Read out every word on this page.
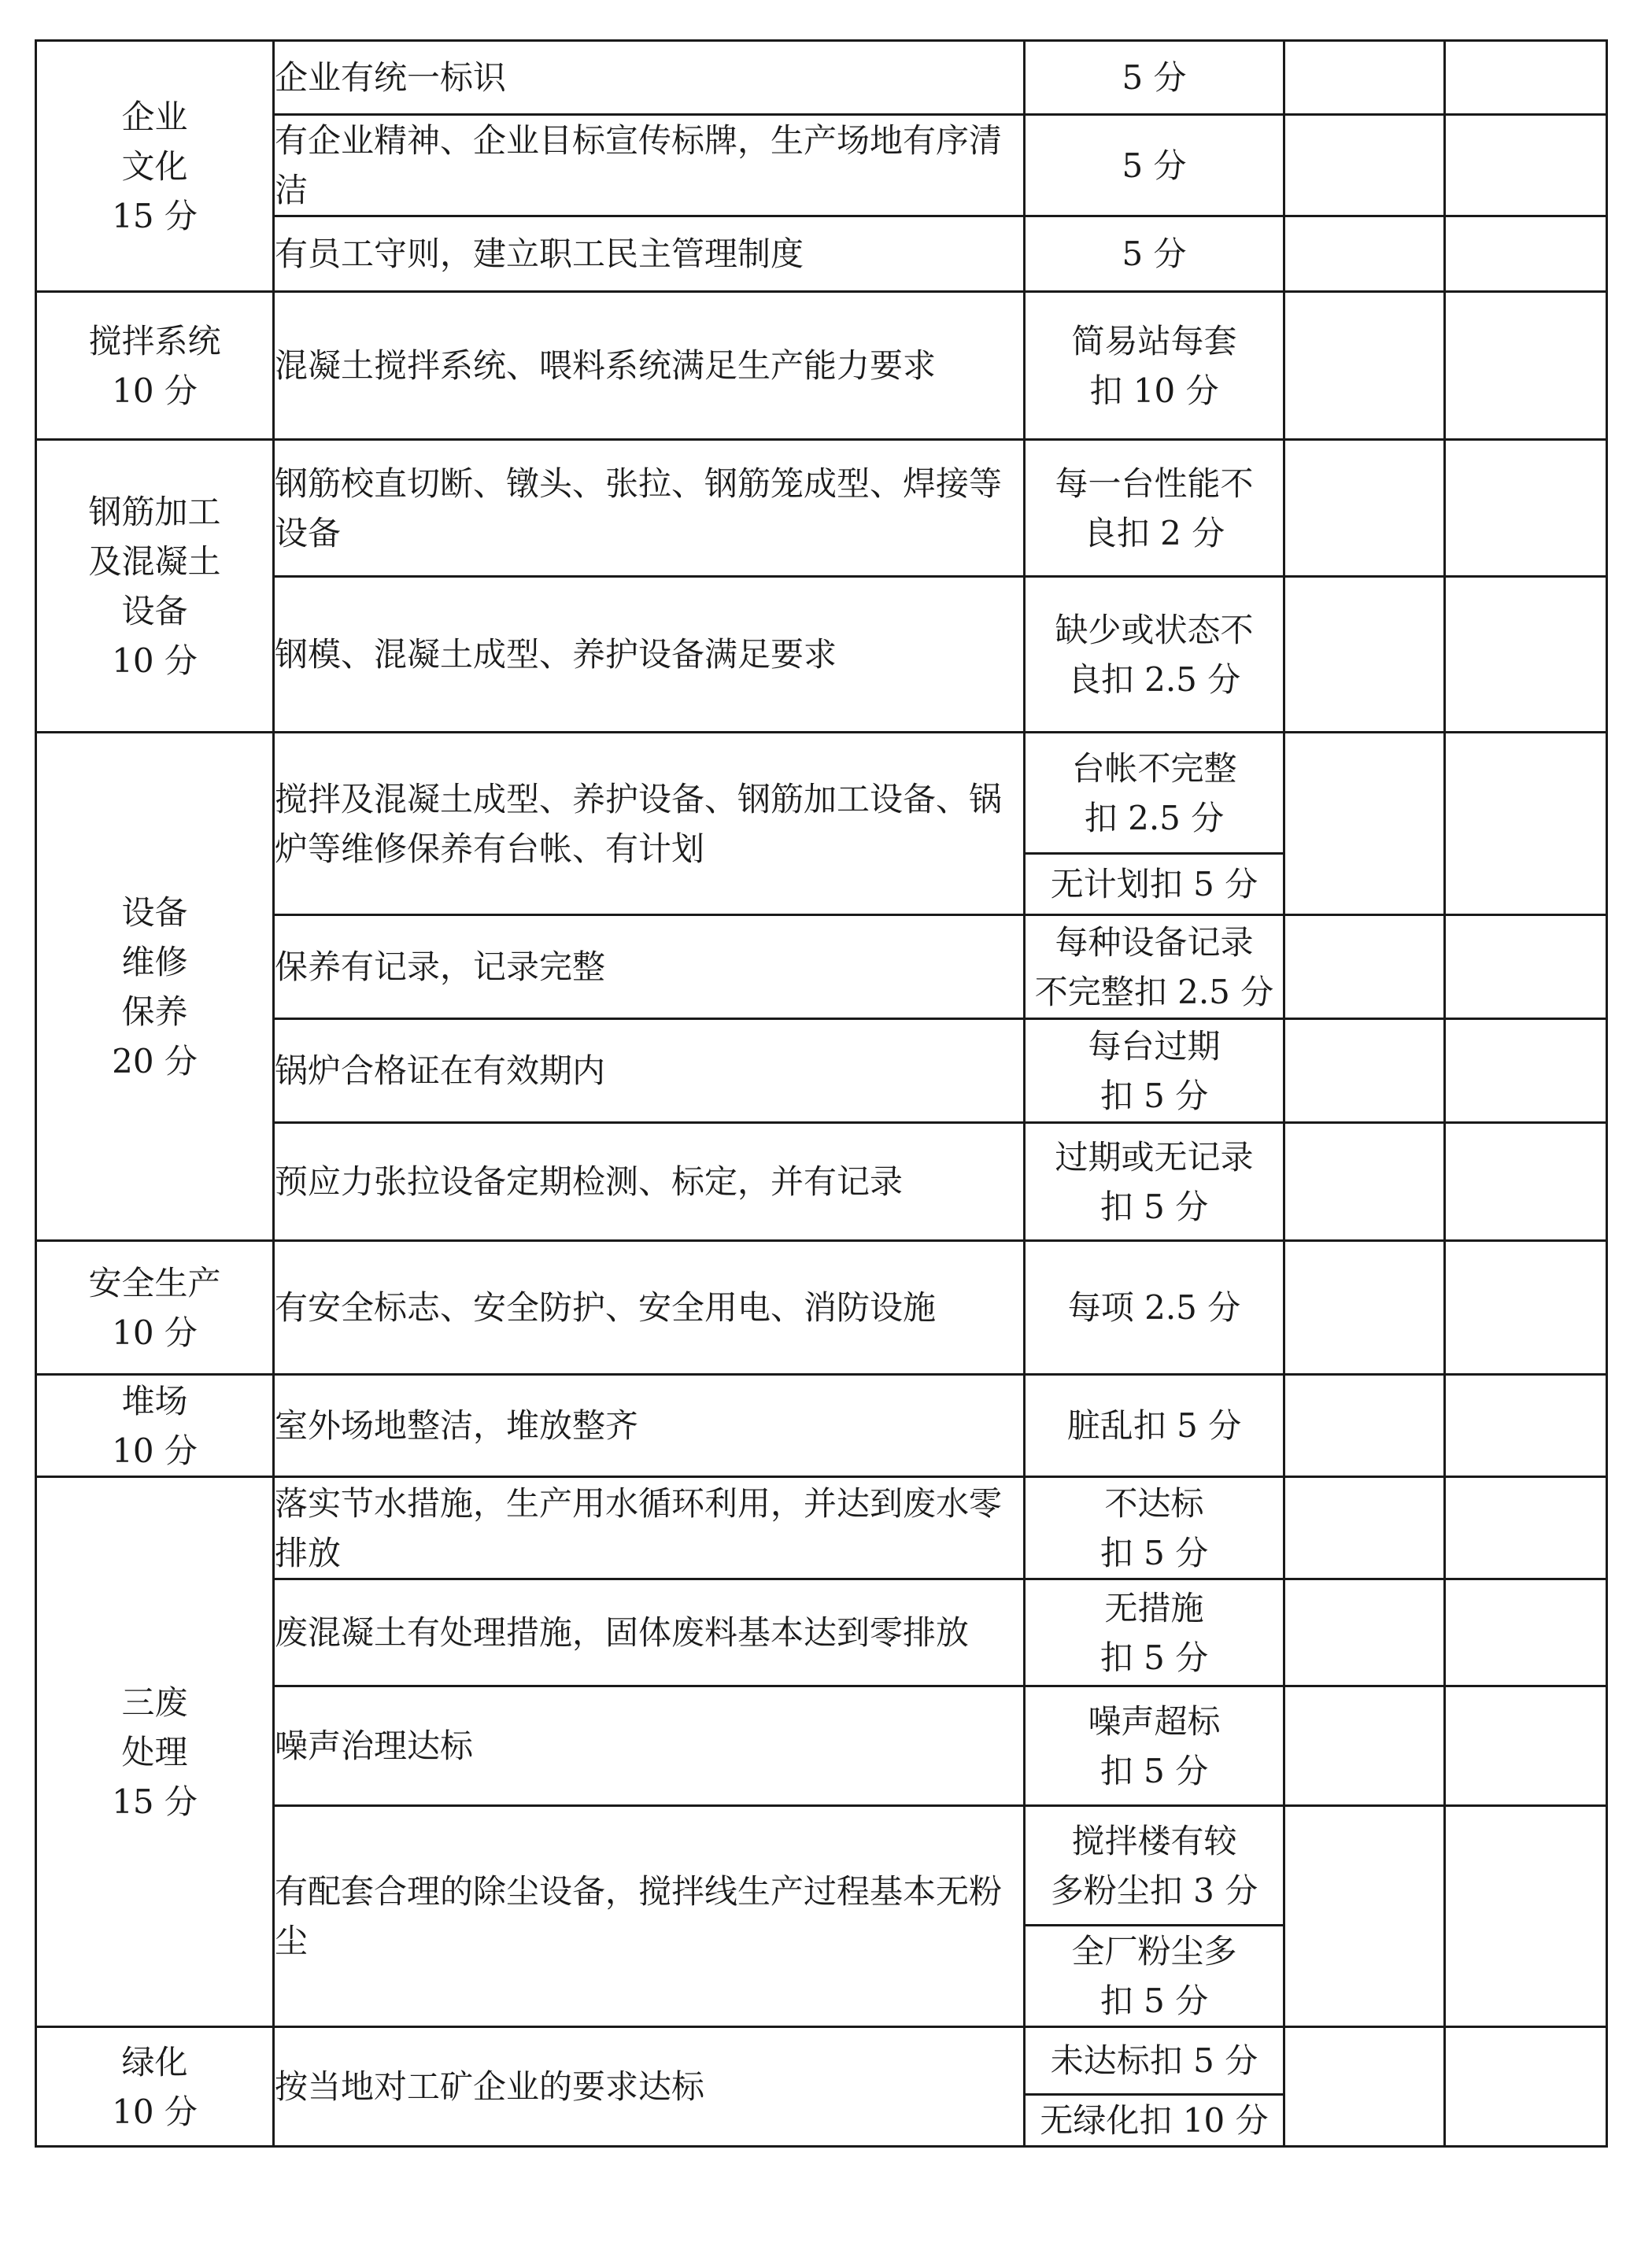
企业
文化
15 分	企业有统一标识	5 分		
	有企业精神、企业目标宣传标牌，生产场地有序清洁	5 分		
	有员工守则，建立职工民主管理制度	5 分		

搅拌系统
10 分	混凝土搅拌系统、喂料系统满足生产能力要求	简易站每套
扣 10 分		

钢筋加工
及混凝土
设备
10 分	钢筋校直切断、镦头、张拉、钢筋笼成型、焊接等设备	每一台性能不
良扣 2 分		
	钢模、混凝土成型、养护设备满足要求	缺少或状态不
良扣 2.5 分		

设备
维修
保养
20 分	搅拌及混凝土成型、养护设备、钢筋加工设备、锅炉等维修保养有台帐、有计划	台帐不完整
扣 2.5 分		
		无计划扣 5 分		
	保养有记录，记录完整	每种设备记录
不完整扣 2.5 分		
	锅炉合格证在有效期内	每台过期
扣 5 分		
	预应力张拉设备定期检测、标定，并有记录	过期或无记录
扣 5 分		

安全生产
10 分	有安全标志、安全防护、安全用电、消防设施	每项 2.5 分		

堆场
10 分	室外场地整洁，堆放整齐	脏乱扣 5 分		

三废
处理
15 分	落实节水措施，生产用水循环利用，并达到废水零排放	不达标
扣 5 分		
	废混凝土有处理措施，固体废料基本达到零排放	无措施
扣 5 分		
	噪声治理达标	噪声超标
扣 5 分		
	有配套合理的除尘设备，搅拌线生产过程基本无粉尘	搅拌楼有较
多粉尘扣 3 分		
		全厂粉尘多
扣 5 分		

绿化
10 分	按当地对工矿企业的要求达标	未达标扣 5 分		
		无绿化扣 10 分		
